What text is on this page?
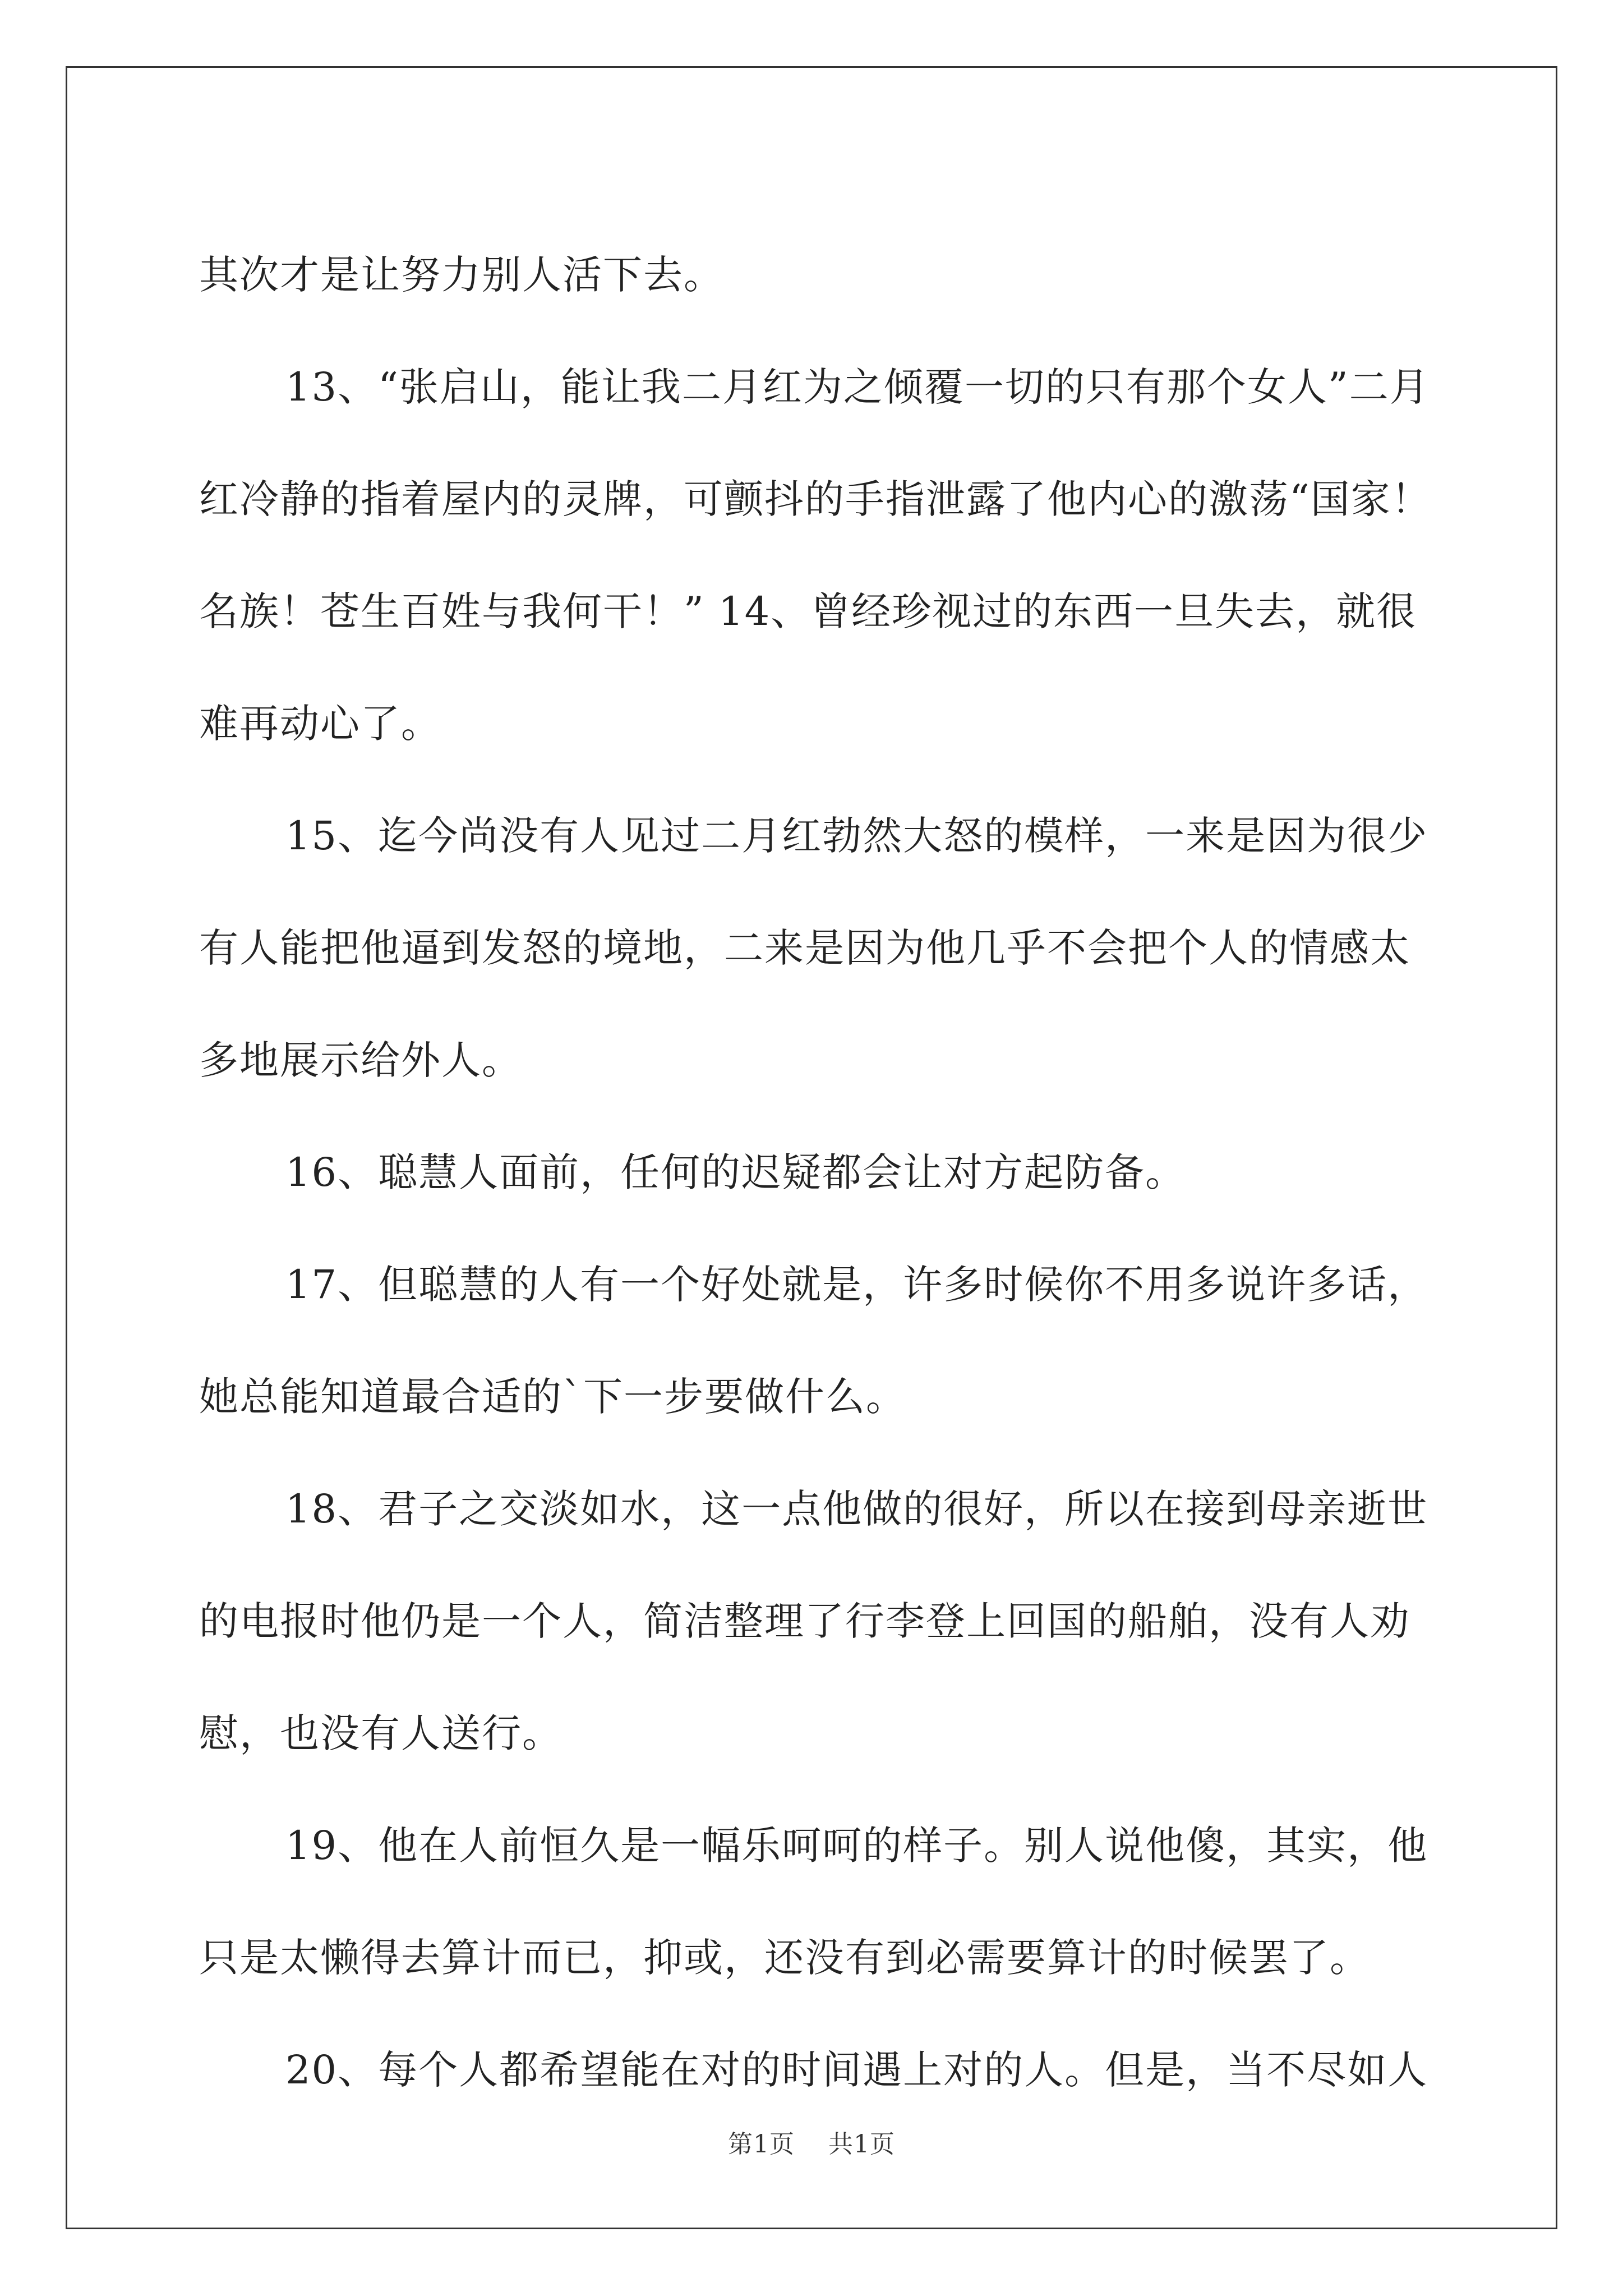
其次才是让努力别人活下去。

13、“张启山，能让我二月红为之倾覆一切的只有那个女人”二月红冷静的指着屋内的灵牌，可颤抖的手指泄露了他内心的激荡“国家！名族！苍生百姓与我何干！” 14、曾经珍视过的东西一旦失去，就很难再动心了。

15、迄今尚没有人见过二月红勃然大怒的模样，一来是因为很少有人能把他逼到发怒的境地，二来是因为他几乎不会把个人的情感太多地展示给外人。

16、聪慧人面前，任何的迟疑都会让对方起防备。

17、但聪慧的人有一个好处就是，许多时候你不用多说许多话，她总能知道最合适的`下一步要做什么。

18、君子之交淡如水，这一点他做的很好，所以在接到母亲逝世的电报时他仍是一个人，简洁整理了行李登上回国的船舶，没有人劝慰，也没有人送行。

19、他在人前恒久是一幅乐呵呵的样子。别人说他傻，其实，他只是太懒得去算计而已，抑或，还没有到必需要算计的时候罢了。

20、每个人都希望能在对的时间遇上对的人。但是，当不尽如人

第1页 共1页
